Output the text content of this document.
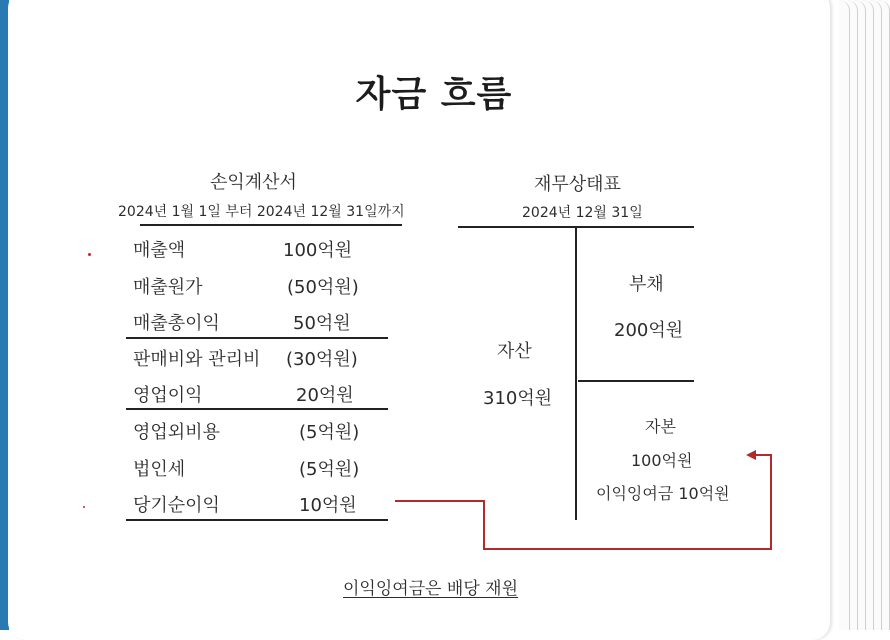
자금 흐름
손익계산서
2024년 1월 1일 부터 2024년 12월 31일까지
매출액	100억원
매출원가	(50억원)
매출총이익	50억원
판매비와 관리비 (30억원)
영업이익	20억원
영업외비용	(5억원)
법인세	(5억원)
당기순이익	10억원
재무상태표
2024년 12월 31일
자산
310억원
부채
200억원
자본
100억원
이익잉여금 10억원
이익잉여금은 배당 재원
